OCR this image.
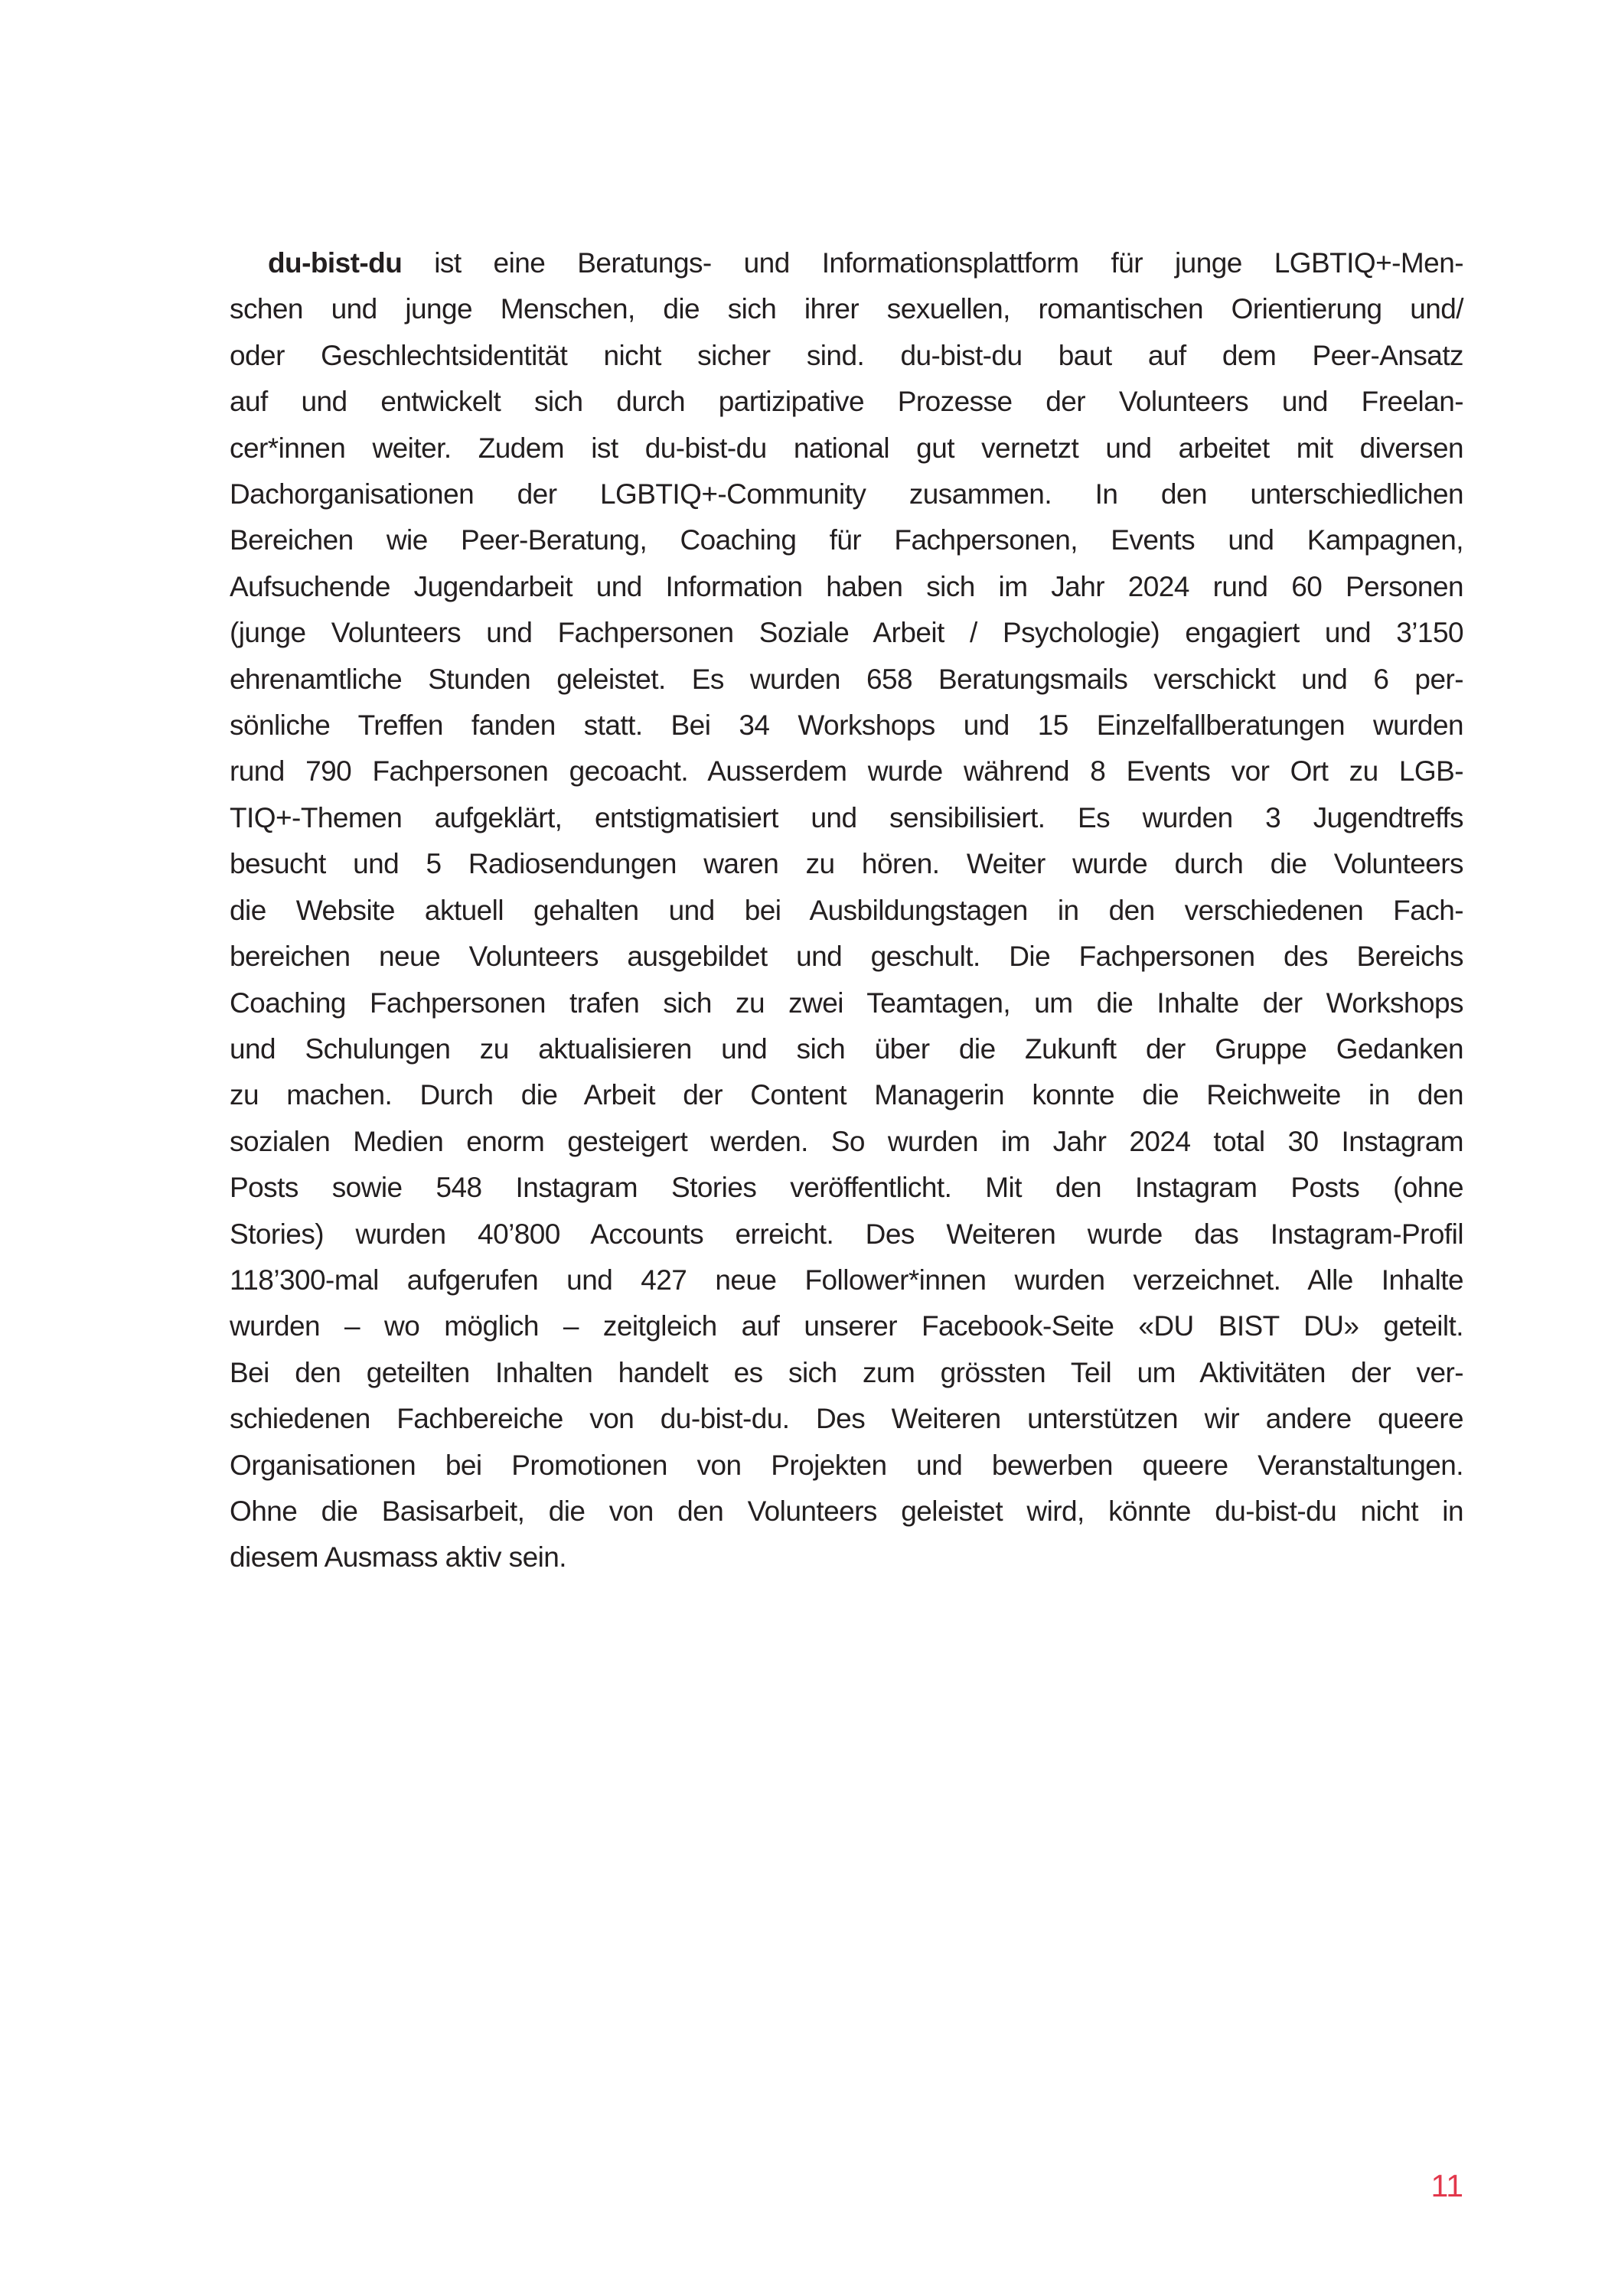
du-bist-du ist eine Beratungs- und Informationsplattform für junge LGBTIQ+-Men-
schen und junge Menschen, die sich ihrer sexuellen, romantischen Orientierung und/
oder Geschlechtsidentität nicht sicher sind. du-bist-du baut auf dem Peer-Ansatz
auf und entwickelt sich durch partizipative Prozesse der Volunteers und Freelan-
cer*innen weiter. Zudem ist du-bist-du national gut vernetzt und arbeitet mit diversen
Dachorganisationen der LGBTIQ+-Community zusammen. In den unterschiedlichen
Bereichen wie Peer-Beratung, Coaching für Fachpersonen, Events und Kampagnen,
Aufsuchende Jugendarbeit und Information haben sich im Jahr 2024 rund 60 Personen
(junge Volunteers und Fachpersonen Soziale Arbeit / Psychologie) engagiert und 3’150
ehrenamtliche Stunden geleistet. Es wurden 658 Beratungsmails verschickt und 6 per-
sönliche Treffen fanden statt. Bei 34 Workshops und 15 Einzelfallberatungen wurden
rund 790 Fachpersonen gecoacht. Ausserdem wurde während 8 Events vor Ort zu LGB-
TIQ+-Themen aufgeklärt, entstigmatisiert und sensibilisiert. Es wurden 3 Jugendtreffs
besucht und 5 Radiosendungen waren zu hören. Weiter wurde durch die Volunteers
die Website aktuell gehalten und bei Ausbildungstagen in den verschiedenen Fach-
bereichen neue Volunteers ausgebildet und geschult. Die Fachpersonen des Bereichs
Coaching Fachpersonen trafen sich zu zwei Teamtagen, um die Inhalte der Workshops
und Schulungen zu aktualisieren und sich über die Zukunft der Gruppe Gedanken
zu machen. Durch die Arbeit der Content Managerin konnte die Reichweite in den
sozialen Medien enorm gesteigert werden. So wurden im Jahr 2024 total 30 Instagram
Posts sowie 548 Instagram Stories veröffentlicht. Mit den Instagram Posts (ohne
Stories) wurden 40’800 Accounts erreicht. Des Weiteren wurde das Instagram-Profil
118’300-mal aufgerufen und 427 neue Follower*innen wurden verzeichnet. Alle Inhalte
wurden – wo möglich – zeitgleich auf unserer Facebook-Seite «DU BIST DU» geteilt.
Bei den geteilten Inhalten handelt es sich zum grössten Teil um Aktivitäten der ver-
schiedenen Fachbereiche von du-bist-du. Des Weiteren unterstützen wir andere queere
Organisationen bei Promotionen von Projekten und bewerben queere Veranstaltungen.
Ohne die Basisarbeit, die von den Volunteers geleistet wird, könnte du-bist-du nicht in
diesem Ausmass aktiv sein.
11
